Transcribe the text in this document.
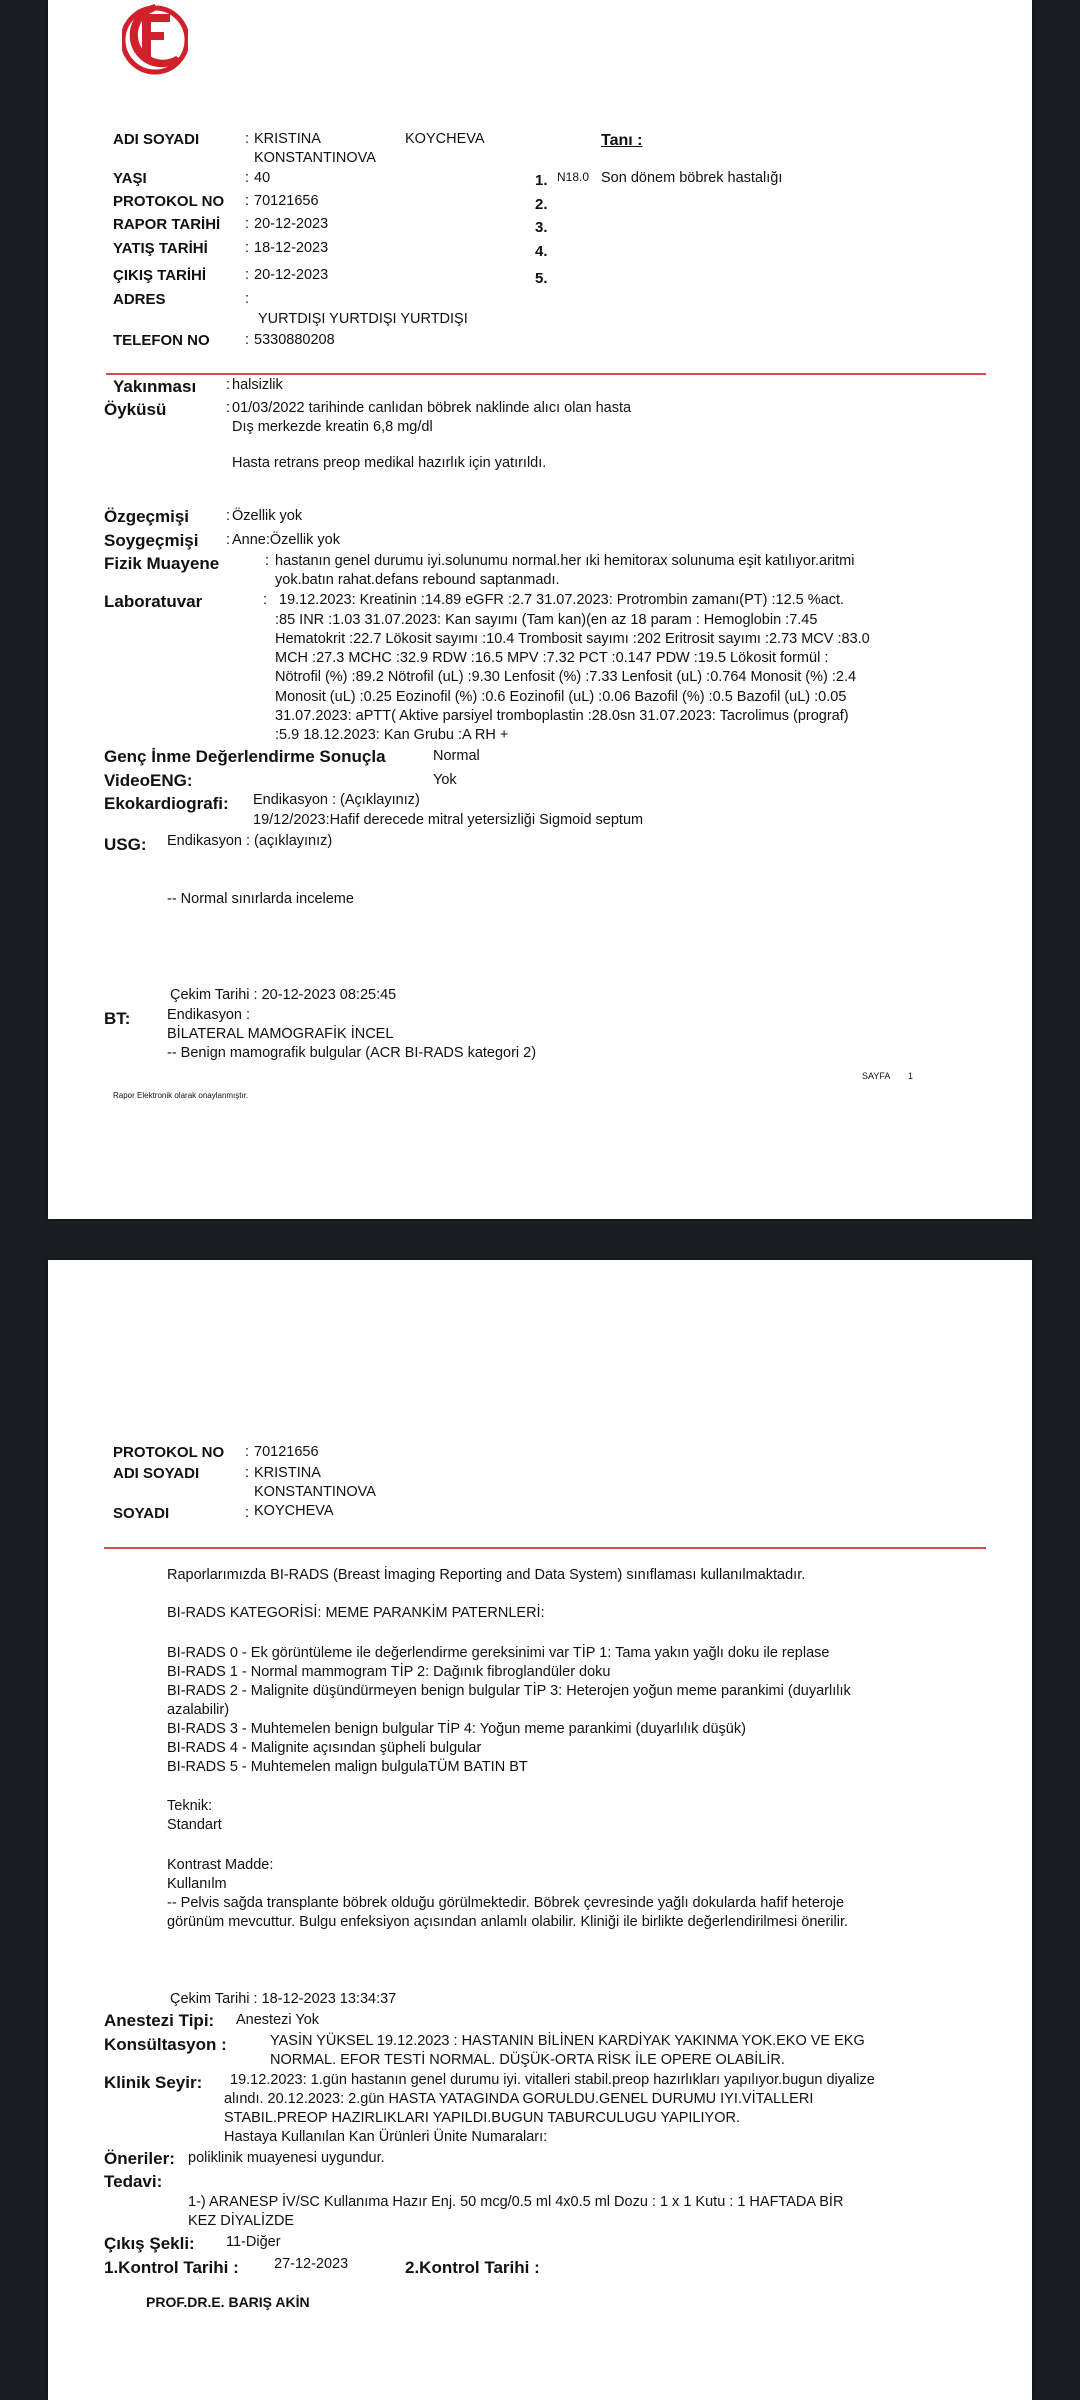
ADI SOYADI	: KRISTINA	KOYCHEVA
KONSTANTINOVA
YAŞI	: 40
PROTOKOL NO : 70121656
RAPOR TARİHİ : 20-12-2023
YATIŞ TARİHİ	: 18-12-2023
ÇIKIŞ TARİHİ	: 20-12-2023
ADRES	:
YURTDIŞI YURTDIŞI YURTDIŞI
TELEFON NO : 5330880208
Tanı :
1. N18.0 Son dönem böbrek hastalığı
2.
3.
4.
5.
Yakınması : halsizlik
Öyküsü	: 01/03/2022 tarihinde canlıdan böbrek naklinde alıcı olan hasta
Dış merkezde kreatin 6,8 mg/dl
Hasta retrans preop medikal hazırlık için yatırıldı.
Özgeçmişi	: Özellik yok
Soygeçmişi : Anne:Özellik yok
Fizik Muayene	: hastanın genel durumu iyi.solunumu normal.her ıki hemitorax solunuma eşit katılıyor.aritmi
yok.batın rahat.defans rebound saptanmadı.
Laboratuvar	: 19.12.2023: Kreatinin :14.89 eGFR :2.7 31.07.2023: Protrombin zamanı(PT) :12.5 %act.
:85 INR :1.03 31.07.2023: Kan sayımı (Tam kan)(en az 18 param : Hemoglobin :7.45
Hematokrit :22.7 Lökosit sayımı :10.4 Trombosit sayımı :202 Eritrosit sayımı :2.73 MCV :83.0
MCH :27.3 MCHC :32.9 RDW :16.5 MPV :7.32 PCT :0.147 PDW :19.5 Lökosit formül :
Nötrofil (%) :89.2 Nötrofil (uL) :9.30 Lenfosit (%) :7.33 Lenfosit (uL) :0.764 Monosit (%) :2.4
Monosit (uL) :0.25 Eozinofil (%) :0.6 Eozinofil (uL) :0.06 Bazofil (%) :0.5 Bazofil (uL) :0.05
31.07.2023: aPTT( Aktive parsiyel tromboplastin :28.0sn 31.07.2023: Tacrolimus (prograf)
:5.9 18.12.2023: Kan Grubu :A RH +
Genç İnme Değerlendirme Sonuçla	Normal
VideoENG:	Yok
Ekokardiografi: Endikasyon : (Açıklayınız)
19/12/2023:Hafif derecede mitral yetersizliği Sigmoid septum
USG: Endikasyon : (açıklayınız)
-- Normal sınırlarda inceleme
Çekim Tarihi : 20-12-2023 08:25:45
BT:	Endikasyon :
BİLATERAL MAMOGRAFİK İNCEL
-- Benign mamografik bulgular (ACR BI-RADS kategori 2)
SAYFA 1
Rapor Elektronik olarak onaylanmıştır.
PROTOKOL NO : 70121656
ADI SOYADI	: KRISTINA
KONSTANTINOVA
SOYADI	: KOYCHEVA
Raporlarımızda BI-RADS (Breast İmaging Reporting and Data System) sınıflaması kullanılmaktadır.
BI-RADS KATEGORİSİ: MEME PARANKİM PATERNLERİ:
BI-RADS 0 - Ek görüntüleme ile değerlendirme gereksinimi var TİP 1: Tama yakın yağlı doku ile replase
BI-RADS 1 - Normal mammogram TİP 2: Dağınık fibroglandüler doku
BI-RADS 2 - Malignite düşündürmeyen benign bulgular TİP 3: Heterojen yoğun meme parankimi (duyarlılık
azalabilir)
BI-RADS 3 - Muhtemelen benign bulgular TİP 4: Yoğun meme parankimi (duyarlılık düşük)
BI-RADS 4 - Malignite açısından şüpheli bulgular
BI-RADS 5 - Muhtemelen malign bulgulaTÜM BATIN BT
Teknik:
Standart
Kontrast Madde:
Kullanılm
-- Pelvis sağda transplante böbrek olduğu görülmektedir. Böbrek çevresinde yağlı dokularda hafif heteroje
görünüm mevcuttur. Bulgu enfeksiyon açısından anlamlı olabilir. Kliniği ile birlikte değerlendirilmesi önerilir.
Çekim Tarihi : 18-12-2023 13:34:37
Anestezi Tipi: Anestezi Yok
Konsültasyon :	YASİN YÜKSEL 19.12.2023 : HASTANIN BİLİNEN KARDİYAK YAKINMA YOK.EKO VE EKG
NORMAL. EFOR TESTİ NORMAL. DÜŞÜK-ORTA RİSK İLE OPERE OLABİLİR.
Klinik Seyir: 19.12.2023: 1.gün hastanın genel durumu iyi. vitalleri stabil.preop hazırlıkları yapılıyor.bugun diyalize
alındı. 20.12.2023: 2.gün HASTA YATAGINDA GORULDU.GENEL DURUMU IYI.VİTALLERI
STABIL.PREOP HAZIRLIKLARI YAPILDI.BUGUN TABURCULUGU YAPILIYOR.
Hastaya Kullanılan Kan Ürünleri Ünite Numaraları:
Öneriler: poliklinik muayenesi uygundur.
Tedavi:
1-) ARANESP İV/SC Kullanıma Hazır Enj. 50 mcg/0.5 ml 4x0.5 ml Dozu : 1 x 1 Kutu : 1 HAFTADA BİR
KEZ DİYALİZDE
Çıkış Şekli: 11-Diğer
1.Kontrol Tarihi : 27-12-2023	2.Kontrol Tarihi :
PROF.DR.E. BARIŞ AKİN
